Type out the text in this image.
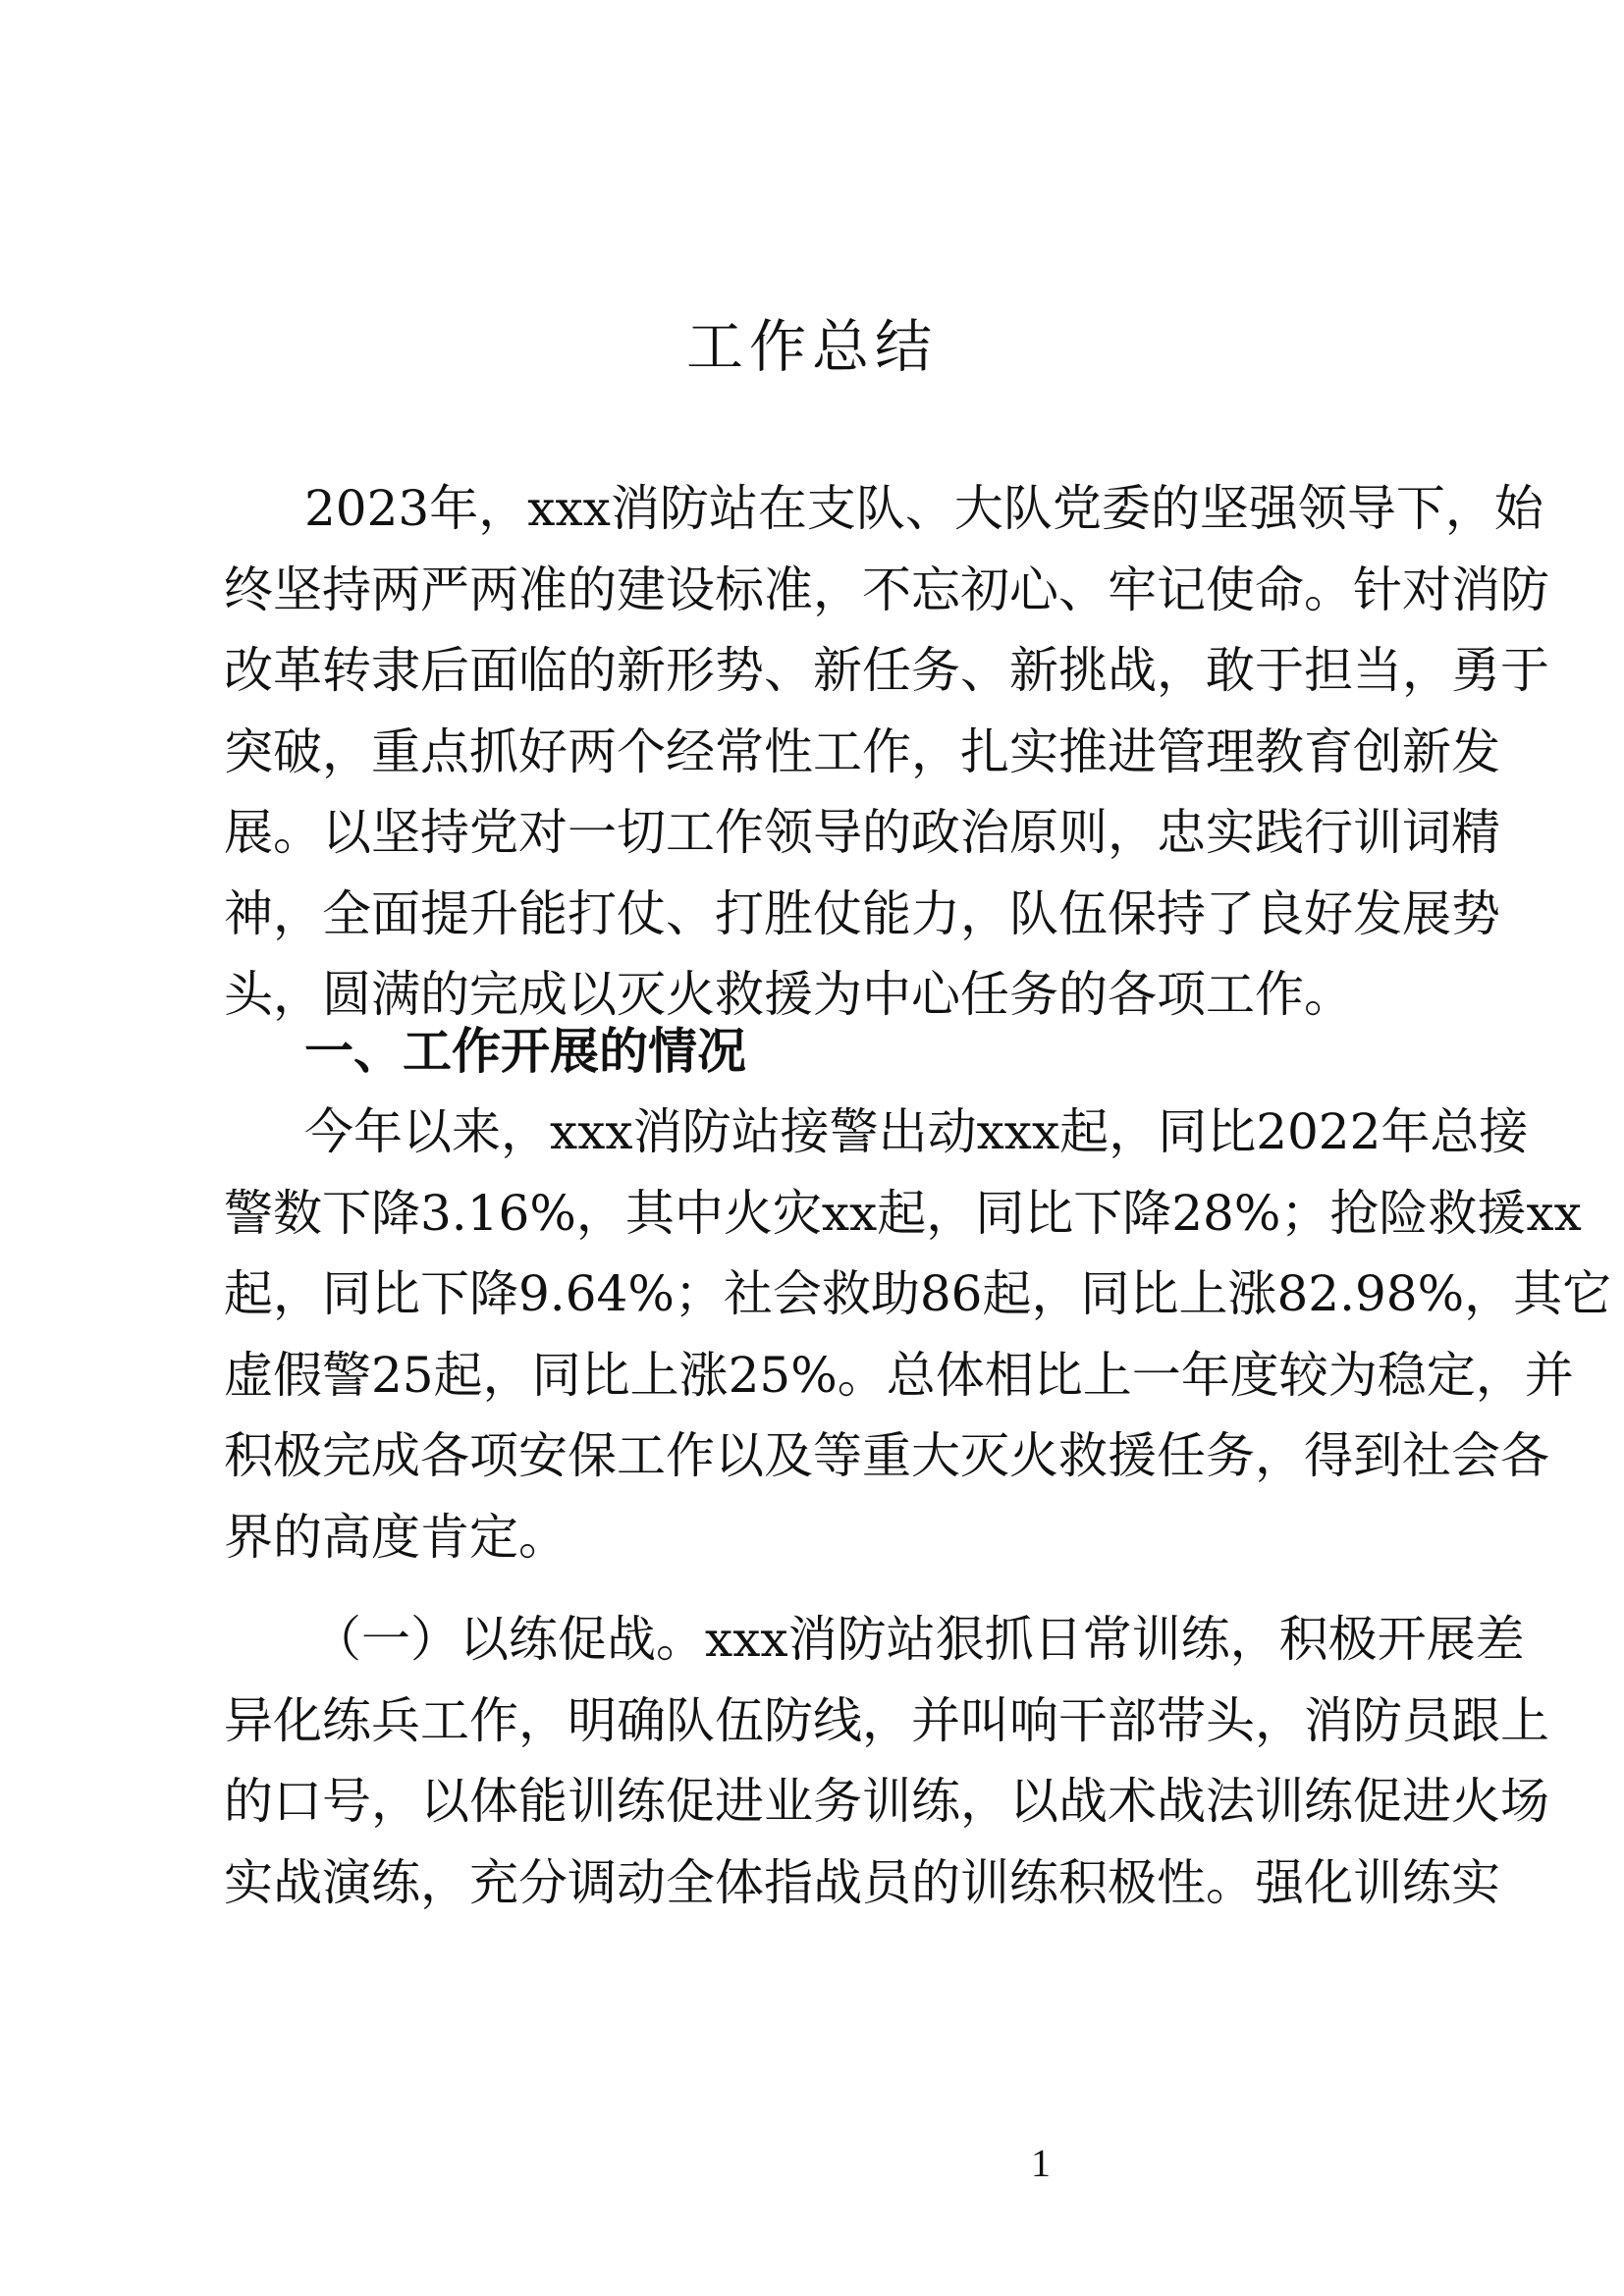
工作总结
2023年，xxx消防站在支队、大队党委的坚强领导下，始
终坚持两严两准的建设标准，不忘初心、牢记使命。针对消防
改革转隶后面临的新形势、新任务、新挑战，敢于担当，勇于
突破，重点抓好两个经常性工作，扎实推进管理教育创新发
展。以坚持党对一切工作领导的政治原则，忠实践行训词精
神，全面提升能打仗、打胜仗能力，队伍保持了良好发展势
头，圆满的完成以灭火救援为中心任务的各项工作。
一、工作开展的情况
今年以来，xxx消防站接警出动xxx起，同比2022年总接
警数下降3.16%，其中火灾xx起，同比下降28%；抢险救援xx
起，同比下降9.64%；社会救助86起，同比上涨82.98%，其它
虚假警25起，同比上涨25%。总体相比上一年度较为稳定，并
积极完成各项安保工作以及等重大灭火救援任务，得到社会各
界的高度肯定。
（一）以练促战。xxx消防站狠抓日常训练，积极开展差
异化练兵工作，明确队伍防线，并叫响干部带头，消防员跟上
的口号，以体能训练促进业务训练，以战术战法训练促进火场
实战演练，充分调动全体指战员的训练积极性。强化训练实
1
